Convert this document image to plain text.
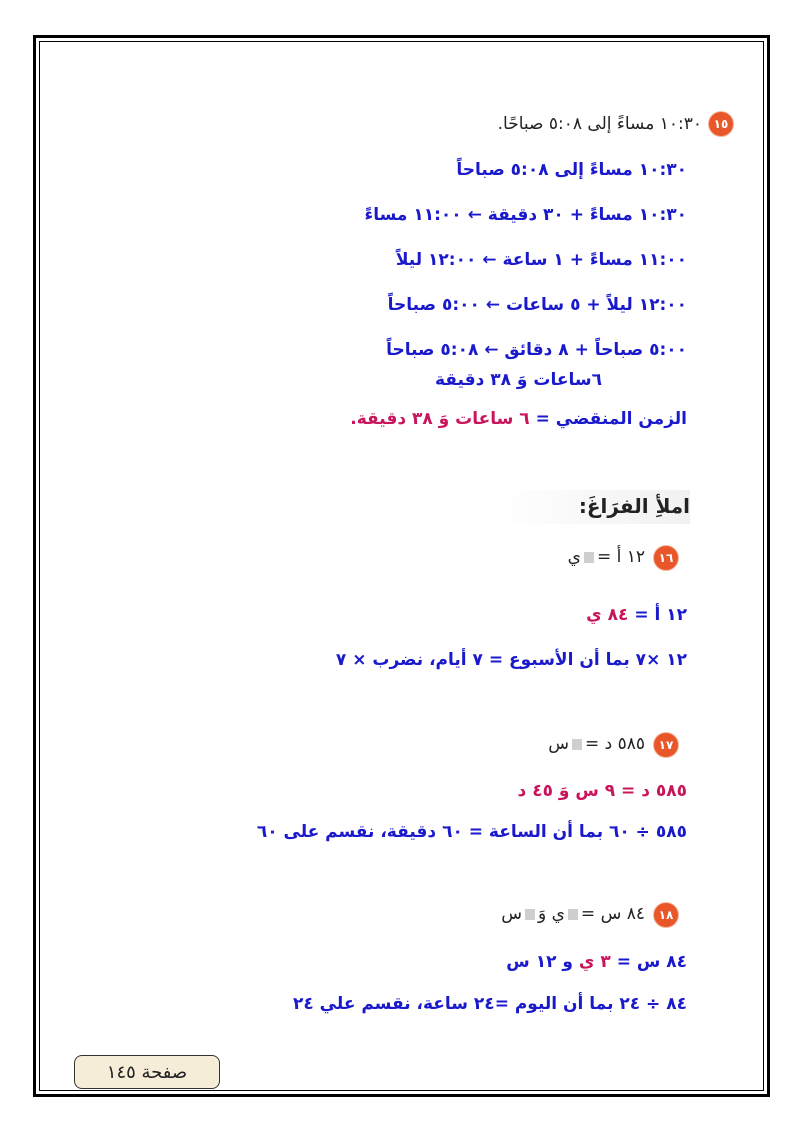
١٥
١٠:٣٠ مساءً إلى ٥:٠٨ صباحًا.
١٠:٣٠ مساءً إلى ٥:٠٨ صباحاً
١٠:٣٠ مساءً + ٣٠ دقيقة ← ١١:٠٠ مساءً
١١:٠٠ مساءً + ١ ساعة ← ١٢:٠٠ ليلاً
١٢:٠٠ ليلاً + ٥ ساعات ← ٥:٠٠ صباحاً
٥:٠٠ صباحاً + ٨ دقائق ← ٥:٠٨ صباحاً
٦ساعات وَ ٣٨ دقيقة
الزمن المنقضي = ٦ ساعات وَ ٣٨ دقيقة.
املأِ الفرَاغَ:
١٦
١٢ أ =ي
١٢ أ = ٨٤ ي
١٢ ×٧ بما أن الأسبوع = ٧ أيام، نضرب × ٧
١٧
٥٨٥ د =س
٥٨٥ د = ٩ س وَ ٤٥ د
٥٨٥ ÷ ٦٠ بما أن الساعة = ٦٠ دقيقة، نقسم على ٦٠
١٨
٨٤ س =ي وَس
٨٤ س = ٣ ي و ١٢ س
٨٤ ÷ ٢٤ بما أن اليوم =٢٤ ساعة، نقسم علي ٢٤
صفحة ١٤٥
